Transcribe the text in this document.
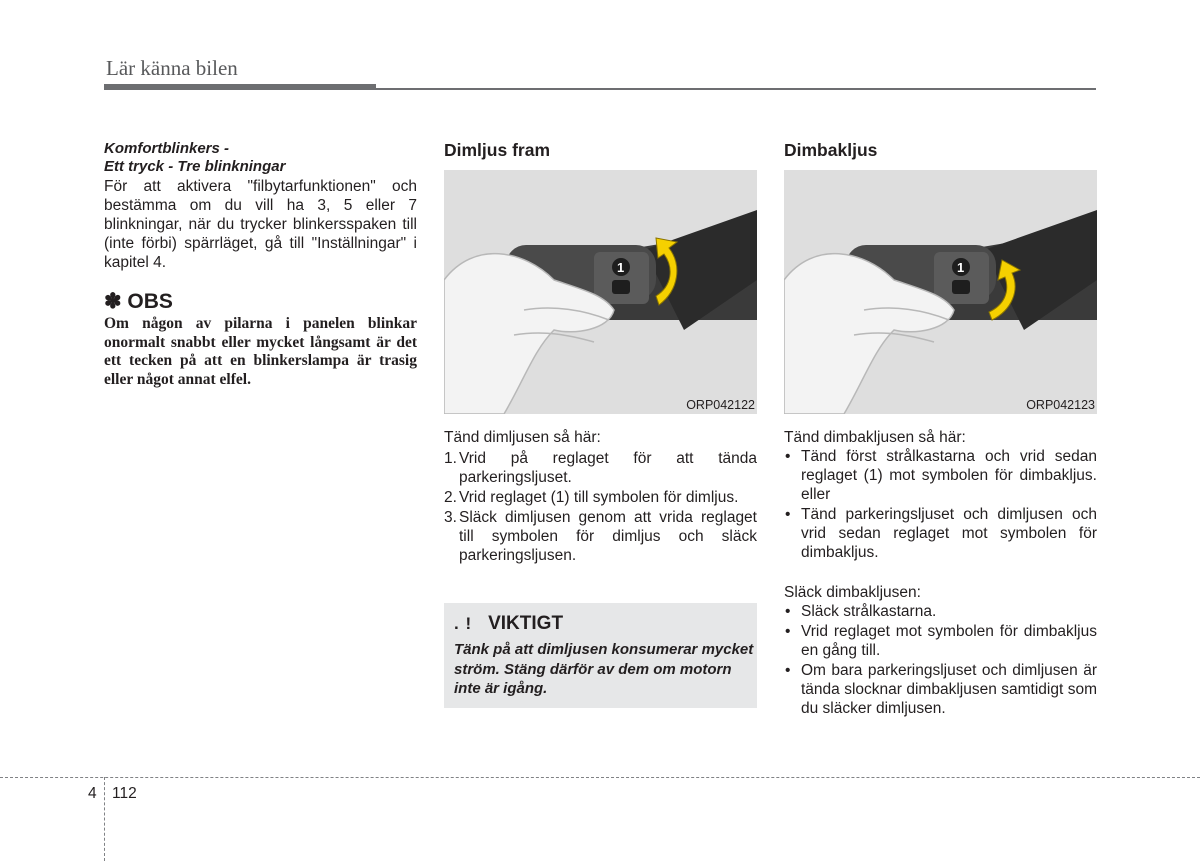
Lär känna bilen
Komfortblinkers -
Ett tryck - Tre blinkningar
För att aktivera "filbytarfunktionen" och bestämma om du vill ha 3, 5 eller 7 blinkningar, när du trycker blinkersspaken till (inte förbi) spärrläget, gå till "Inställningar" i kapitel 4.
✽ OBS
Om någon av pilarna i panelen blinkar onormalt snabbt eller mycket långsamt är det ett tecken på att en blinkerslampa är trasig eller något annat elfel.
Dimljus fram
1
ORP042122
Dimbakljus
1
ORP042123
Tänd dimljusen så här:
1. Vrid på reglaget för att tända parkeringsljuset.
2. Vrid reglaget (1) till symbolen för dimljus.
3. Släck dimljusen genom att vrida reglaget till symbolen för dimljus och släck parkeringsljusen.
. ! VIKTIGT
Tänk på att dimljusen konsumerar mycket ström. Stäng därför av dem om motorn inte är igång.
Tänd dimbakljusen så här:
• Tänd först strålkastarna och vrid sedan reglaget (1) mot symbolen för dimbakljus. eller
• Tänd parkeringsljuset och dimljusen och vrid sedan reglaget mot symbolen för dimbakljus.
Släck dimbakljusen:
• Släck strålkastarna.
• Vrid reglaget mot symbolen för dimbakljus en gång till.
• Om bara parkeringsljuset och dimljusen är tända slocknar dimbakljusen samtidigt som du släcker dimljusen.
4 112
